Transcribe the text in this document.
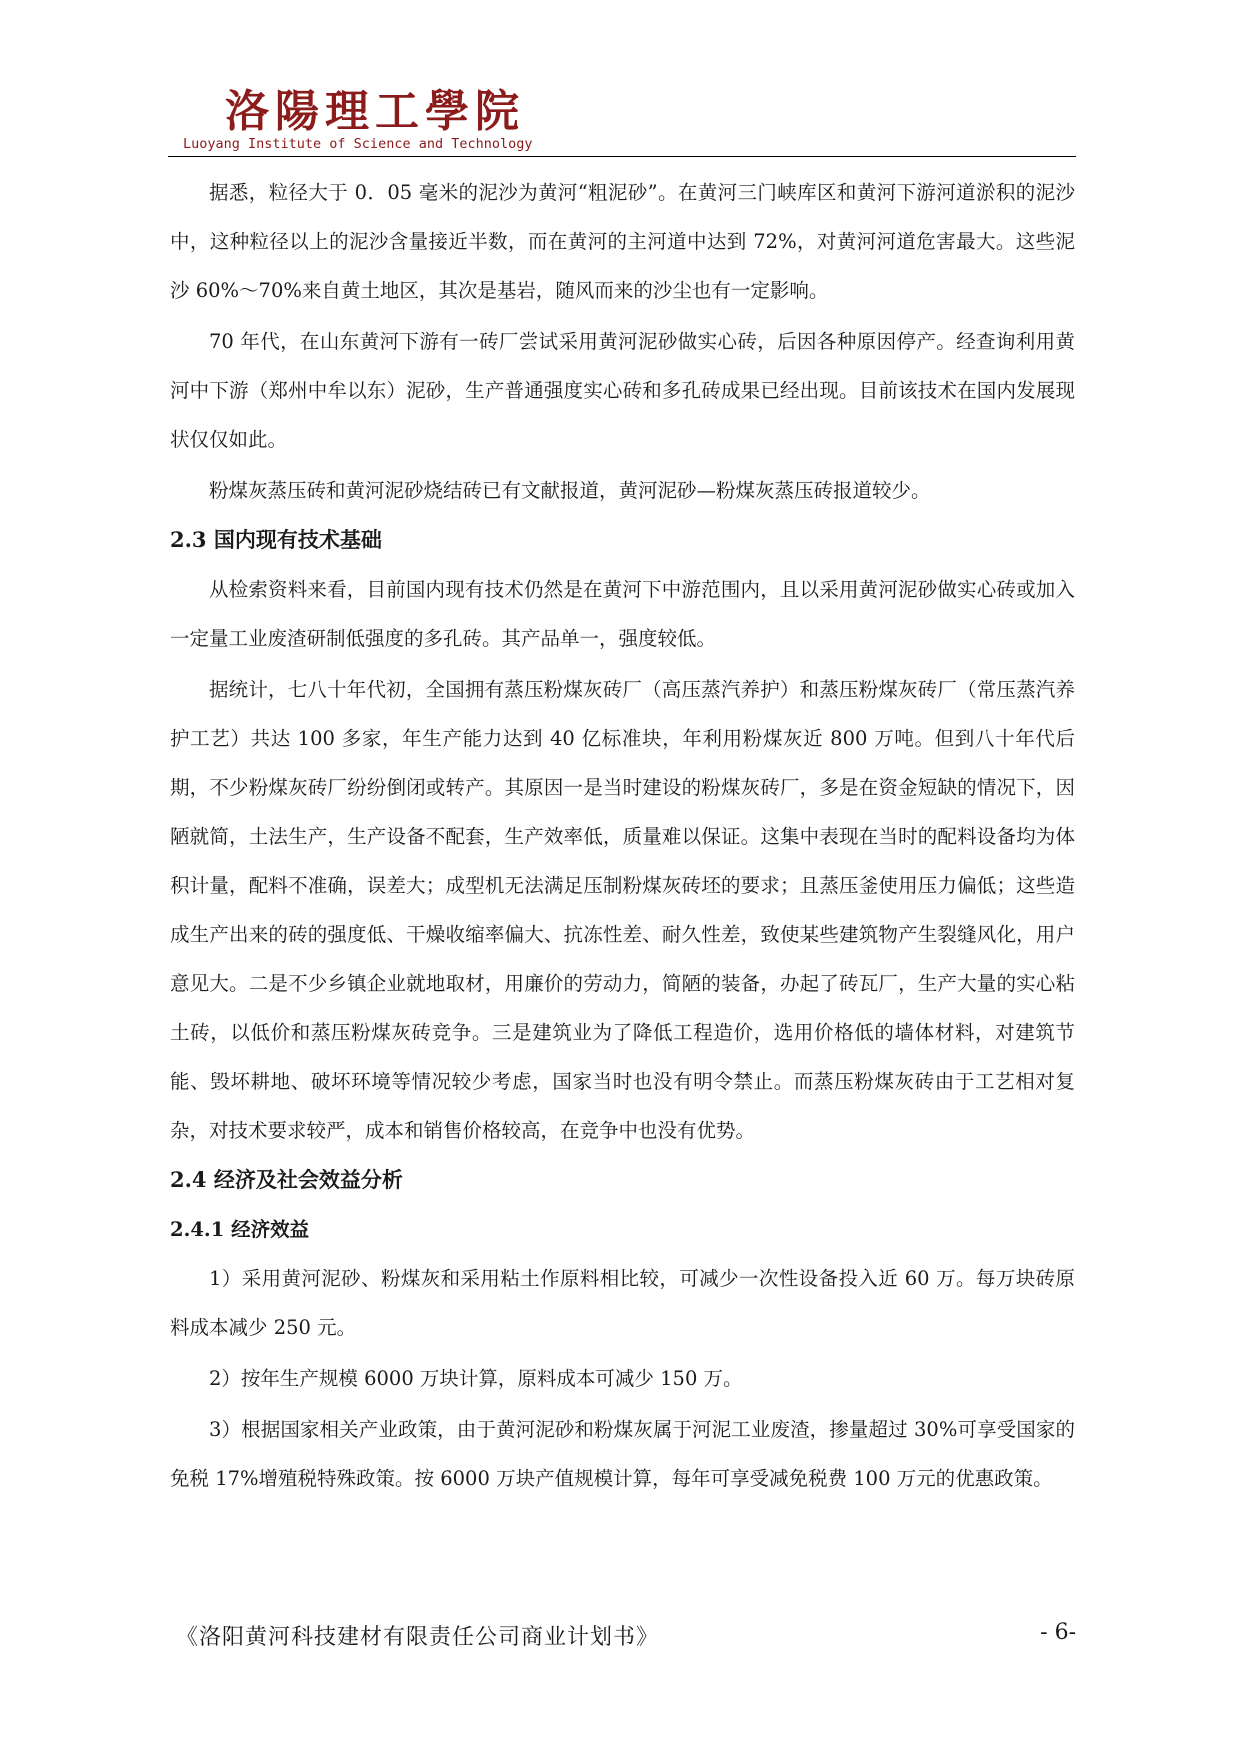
洛陽理工學院
Luoyang Institute of Science and Technology

据悉，粒径大于 0．05 毫米的泥沙为黄河“粗泥砂”。在黄河三门峡库区和黄河下游河道淤积的泥沙中，这种粒径以上的泥沙含量接近半数，而在黄河的主河道中达到 72%，对黄河河道危害最大。这些泥沙 60%～70%来自黄土地区，其次是基岩，随风而来的沙尘也有一定影响。

70 年代，在山东黄河下游有一砖厂尝试采用黄河泥砂做实心砖，后因各种原因停产。经查询利用黄河中下游（郑州中牟以东）泥砂，生产普通强度实心砖和多孔砖成果已经出现。目前该技术在国内发展现状仅仅如此。

粉煤灰蒸压砖和黄河泥砂烧结砖已有文献报道，黄河泥砂—粉煤灰蒸压砖报道较少。

2.3 国内现有技术基础

从检索资料来看，目前国内现有技术仍然是在黄河下中游范围内，且以采用黄河泥砂做实心砖或加入一定量工业废渣研制低强度的多孔砖。其产品单一，强度较低。

据统计，七八十年代初，全国拥有蒸压粉煤灰砖厂（高压蒸汽养护）和蒸压粉煤灰砖厂（常压蒸汽养护工艺）共达 100 多家，年生产能力达到 40 亿标准块，年利用粉煤灰近 800 万吨。但到八十年代后期，不少粉煤灰砖厂纷纷倒闭或转产。其原因一是当时建设的粉煤灰砖厂，多是在资金短缺的情况下，因陋就简，土法生产，生产设备不配套，生产效率低，质量难以保证。这集中表现在当时的配料设备均为体积计量，配料不准确，误差大；成型机无法满足压制粉煤灰砖坯的要求；且蒸压釜使用压力偏低；这些造成生产出来的砖的强度低、干燥收缩率偏大、抗冻性差、耐久性差，致使某些建筑物产生裂缝风化，用户意见大。二是不少乡镇企业就地取材，用廉价的劳动力，简陋的装备，办起了砖瓦厂，生产大量的实心粘土砖，以低价和蒸压粉煤灰砖竞争。三是建筑业为了降低工程造价，选用价格低的墙体材料，对建筑节能、毁坏耕地、破坏环境等情况较少考虑，国家当时也没有明令禁止。而蒸压粉煤灰砖由于工艺相对复杂，对技术要求较严，成本和销售价格较高，在竞争中也没有优势。

2.4 经济及社会效益分析
2.4.1 经济效益

1）采用黄河泥砂、粉煤灰和采用粘土作原料相比较，可减少一次性设备投入近 60 万。每万块砖原料成本减少 250 元。

2）按年生产规模 6000 万块计算，原料成本可减少 150 万。

3）根据国家相关产业政策，由于黄河泥砂和粉煤灰属于河泥工业废渣，掺量超过 30%可享受国家的免税 17%增殖税特殊政策。按 6000 万块产值规模计算，每年可享受减免税费 100 万元的优惠政策。

《洛阳黄河科技建材有限责任公司商业计划书》	- 6-
